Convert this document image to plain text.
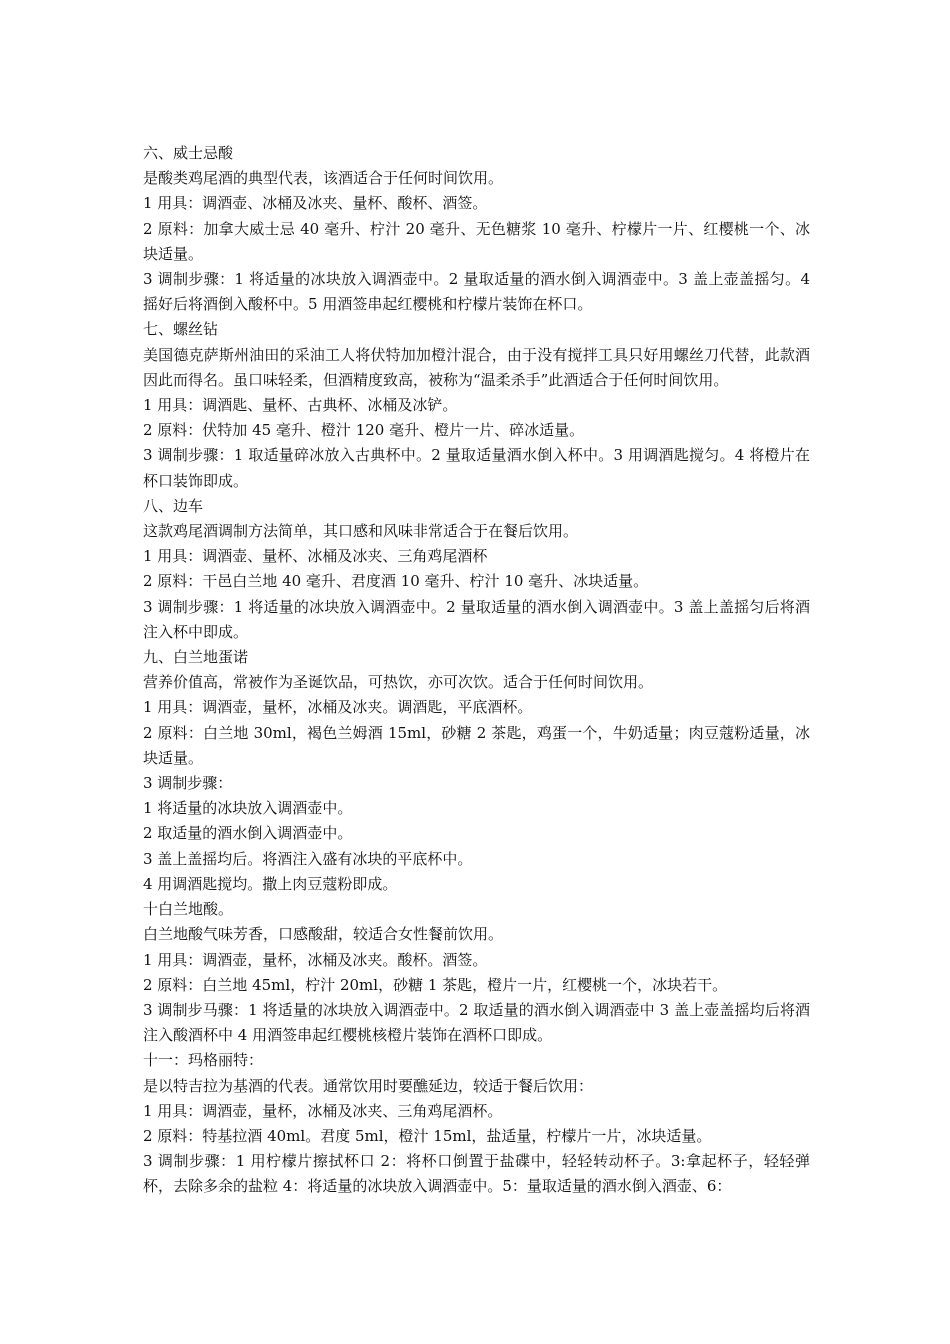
六、威士忌酸

是酸类鸡尾酒的典型代表，该酒适合于任何时间饮用。

1 用具：调酒壶、冰桶及冰夹、量杯、酸杯、酒签。

2 原料：加拿大威士忌 40 毫升、柠汁 20 毫升、无色糖浆 10 毫升、柠檬片一片、红樱桃一个、冰块适量。

3 调制步骤：1 将适量的冰块放入调酒壶中。2 量取适量的酒水倒入调酒壶中。3 盖上壶盖摇匀。4 摇好后将酒倒入酸杯中。5 用酒签串起红樱桃和柠檬片装饰在杯口。

七、螺丝钻

美国德克萨斯州油田的采油工人将伏特加加橙汁混合，由于没有搅拌工具只好用螺丝刀代替，此款酒因此而得名。虽口味轻柔，但酒精度致高，被称为“温柔杀手”此酒适合于任何时间饮用。

1 用具：调酒匙、量杯、古典杯、冰桶及冰铲。

2 原料：伏特加 45 毫升、橙汁 120 毫升、橙片一片、碎冰适量。

3 调制步骤：1 取适量碎冰放入古典杯中。2 量取适量酒水倒入杯中。3 用调酒匙搅匀。4 将橙片在杯口装饰即成。

八、边车

这款鸡尾酒调制方法简单，其口感和风味非常适合于在餐后饮用。

1 用具：调酒壶、量杯、冰桶及冰夹、三角鸡尾酒杯

2 原料：干邑白兰地 40 毫升、君度酒 10 毫升、柠汁 10 毫升、冰块适量。

3 调制步骤：1 将适量的冰块放入调酒壶中。2 量取适量的酒水倒入调酒壶中。3 盖上盖摇匀后将酒注入杯中即成。

九、白兰地蛋诺

营养价值高，常被作为圣诞饮品，可热饮，亦可次饮。适合于任何时间饮用。

1 用具：调酒壶，量杯，冰桶及冰夹。调酒匙，平底酒杯。

2 原料：白兰地 30ml，褐色兰姆酒 15ml，砂糖 2 茶匙，鸡蛋一个，牛奶适量；肉豆蔻粉适量，冰块适量。

3 调制步骤：

1 将适量的冰块放入调酒壶中。

2 取适量的酒水倒入调酒壶中。

3 盖上盖摇均后。将酒注入盛有冰块的平底杯中。

4 用调酒匙搅均。撒上肉豆蔻粉即成。

十白兰地酸。

白兰地酸气味芳香，口感酸甜，较适合女性餐前饮用。

1 用具：调酒壶，量杯，冰桶及冰夹。酸杯。酒签。

2 原料：白兰地 45ml，柠汁 20ml，砂糖 1 茶匙，橙片一片，红樱桃一个，冰块若干。

3 调制步马骤：1 将适量的冰块放入调酒壶中。2 取适量的酒水倒入调酒壶中 3 盖上壶盖摇均后将酒注入酸酒杯中 4 用酒签串起红樱桃核橙片装饰在酒杯口即成。

十一：玛格丽特：

是以特吉拉为基酒的代表。通常饮用时要醮延边，较适于餐后饮用：

1 用具：调酒壶，量杯，冰桶及冰夹、三角鸡尾酒杯。

2 原料：特基拉酒 40ml。君度 5ml，橙汁 15ml，盐适量，柠檬片一片，冰块适量。

3 调制步骤：1 用柠檬片擦拭杯口 2：将杯口倒置于盐碟中，轻轻转动杯子。3:拿起杯子，轻轻弹杯，去除多余的盐粒 4：将适量的冰块放入调酒壶中。5：量取适量的酒水倒入酒壶、6：
